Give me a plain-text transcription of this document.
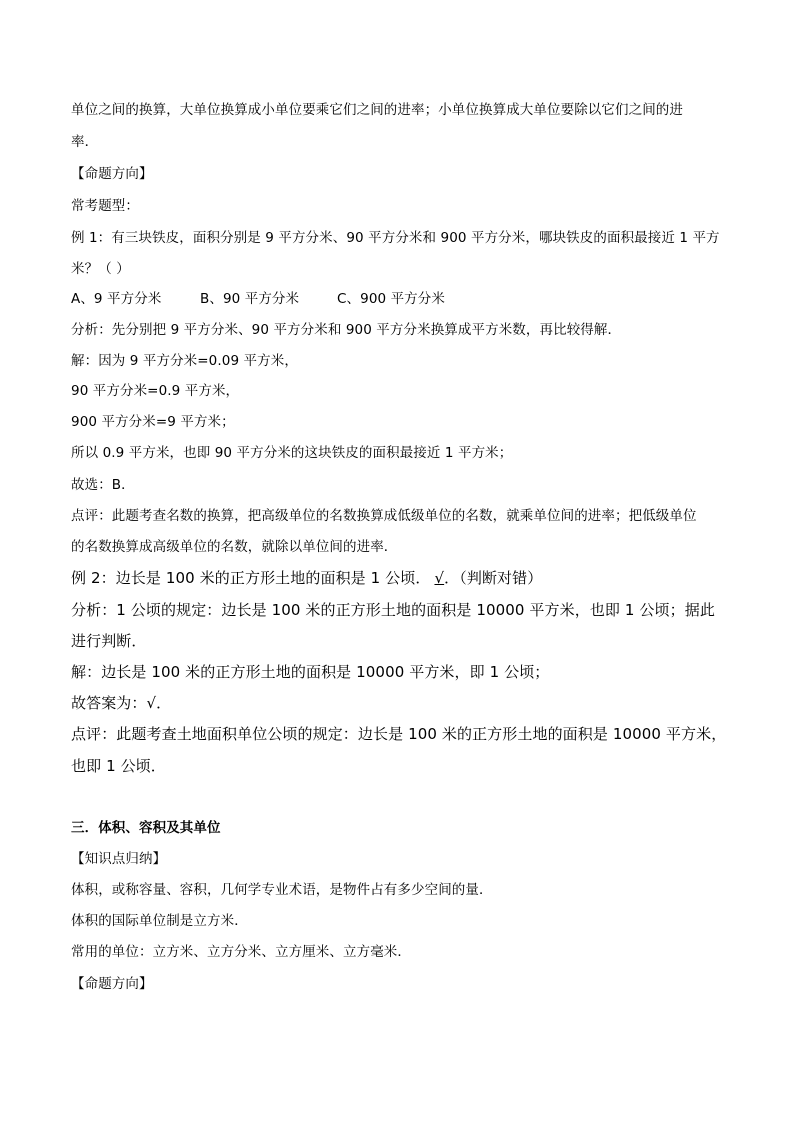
单位之间的换算，大单位换算成小单位要乘它们之间的进率；小单位换算成大单位要除以它们之间的进
率．
【命题方向】
常考题型：
例 1：有三块铁皮，面积分别是 9 平方分米、90 平方分米和 900 平方分米，哪块铁皮的面积最接近 1 平方
米？（ ）
A、9 平方分米	B、90 平方分米	C、900 平方分米
分析：先分别把 9 平方分米、90 平方分米和 900 平方分米换算成平方米数，再比较得解．
解：因为 9 平方分米=0.09 平方米，
90 平方分米=0.9 平方米，
900 平方分米=9 平方米；
所以 0.9 平方米，也即 90 平方分米的这块铁皮的面积最接近 1 平方米；
故选：B．
点评：此题考查名数的换算，把高级单位的名数换算成低级单位的名数，就乘单位间的进率；把低级单位
的名数换算成高级单位的名数，就除以单位间的进率．
例 2：边长是 100 米的正方形土地的面积是 1 公顷． √．（判断对错）
分析：1 公顷的规定：边长是 100 米的正方形土地的面积是 10000 平方米，也即 1 公顷；据此
进行判断．
解：边长是 100 米的正方形土地的面积是 10000 平方米，即 1 公顷；
故答案为：√．
点评：此题考查土地面积单位公顷的规定：边长是 100 米的正方形土地的面积是 10000 平方米，
也即 1 公顷．
三．体积、容积及其单位
【知识点归纳】
体积，或称容量、容积，几何学专业术语，是物件占有多少空间的量．
体积的国际单位制是立方米．
常用的单位：立方米、立方分米、立方厘米、立方毫米．
【命题方向】
